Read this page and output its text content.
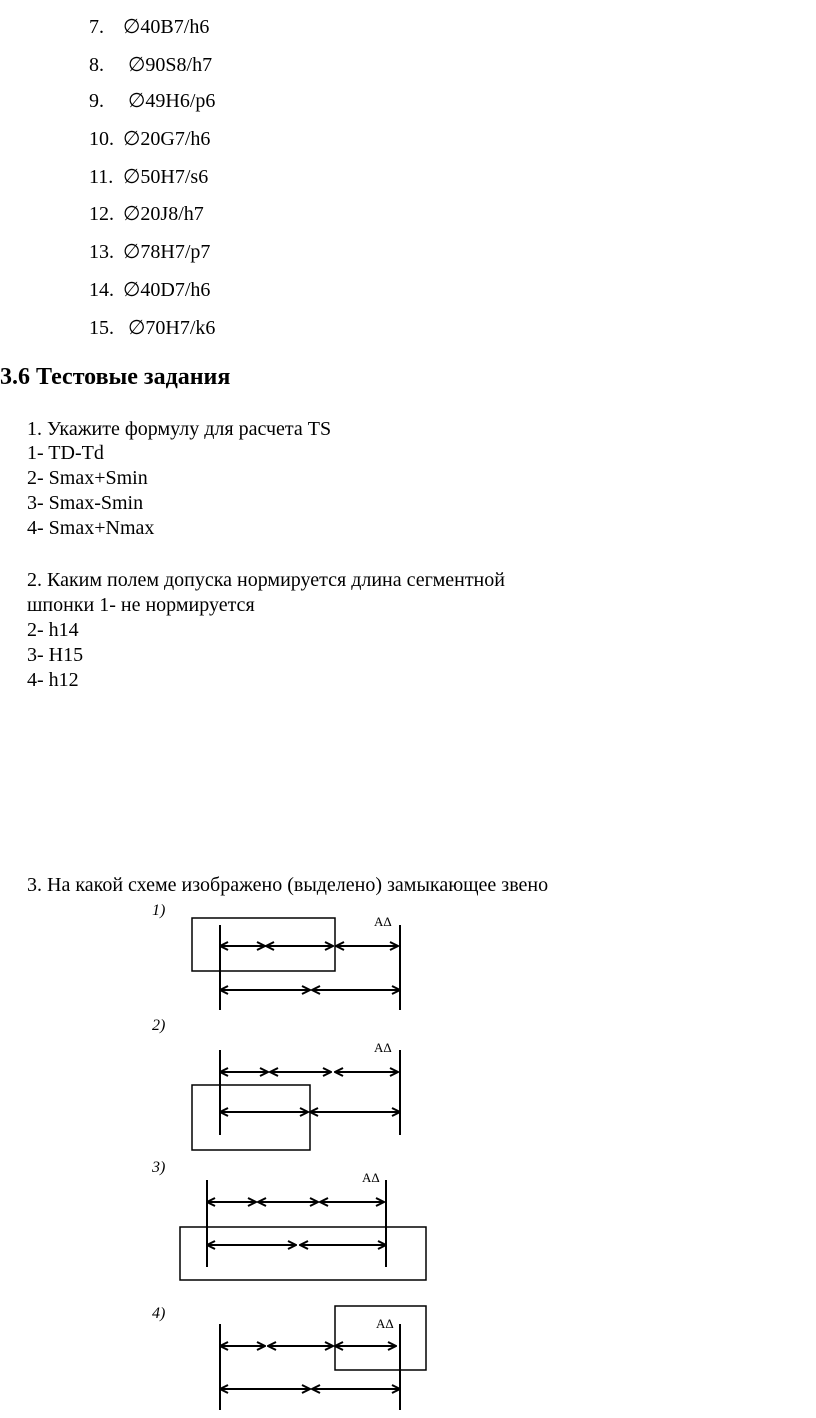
7. ∅40B7/h6
8. ∅90S8/h7
9. ∅49H6/p6
10. ∅20G7/h6
11. ∅50H7/s6
12. ∅20J8/h7
13. ∅78H7/p7
14. ∅40D7/h6
15. ∅70H7/k6
3.6 Тестовые задания
1. Укажите формулу для расчета TS
1- TD-Td
2- Smax+Smin
3- Smax-Smin
4- Smax+Nmax
2. Каким полем допуска нормируется длина сегментной
шпонки 1- не нормируется
2- h14
3- H15
4- h12
3. На какой схеме изображено (выделено) замыкающее звено
1)
2)
3)
4)
AΔ
AΔ
AΔ
AΔ
